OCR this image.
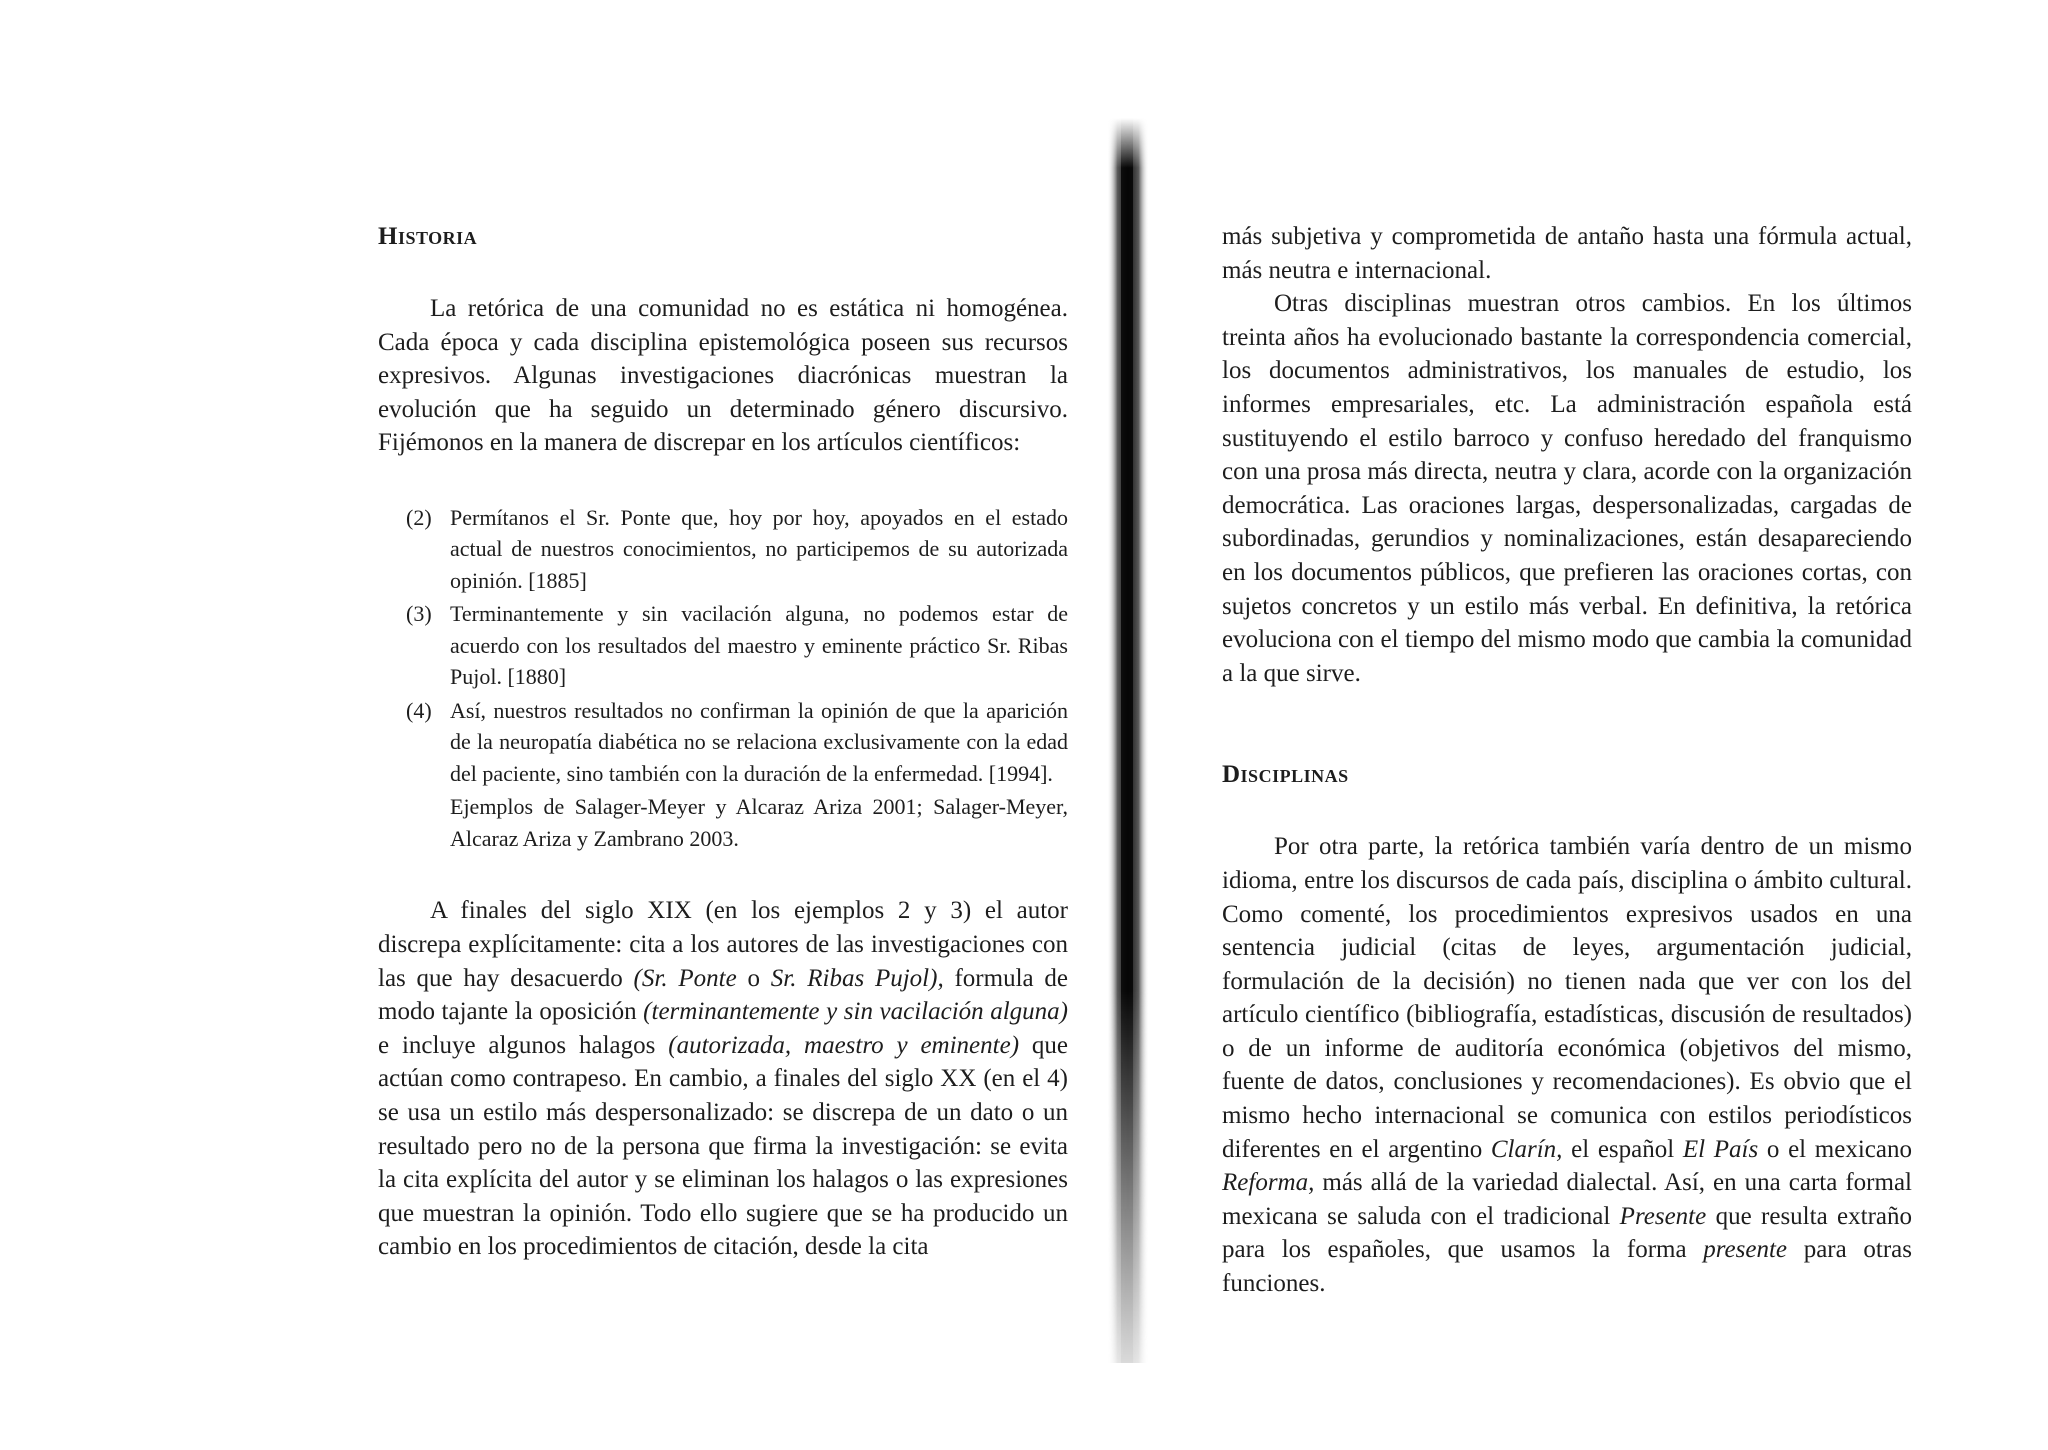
Historia

La retórica de una comunidad no es estática ni homogénea. Cada época y cada disciplina epistemológica poseen sus recursos expresivos. Algunas investigaciones diacrónicas muestran la evolución que ha seguido un determinado género discursivo. Fijémonos en la manera de discrepar en los artículos científicos:

(2) Permítanos el Sr. Ponte que, hoy por hoy, apoyados en el estado actual de nuestros conocimientos, no participemos de su autorizada opinión. [1885]
(3) Terminantemente y sin vacilación alguna, no podemos estar de acuerdo con los resultados del maestro y eminente práctico Sr. Ribas Pujol. [1880]
(4) Así, nuestros resultados no confirman la opinión de que la aparición de la neuropatía diabética no se relaciona exclusivamente con la edad del paciente, sino también con la duración de la enfermedad. [1994].
Ejemplos de Salager-Meyer y Alcaraz Ariza 2001; Salager-Meyer, Alcaraz Ariza y Zambrano 2003.

A finales del siglo XIX (en los ejemplos 2 y 3) el autor discrepa explícitamente: cita a los autores de las investigaciones con las que hay desacuerdo (Sr. Ponte o Sr. Ribas Pujol), formula de modo tajante la oposición (terminantemente y sin vacilación alguna) e incluye algunos halagos (autorizada, maestro y eminente) que actúan como contrapeso. En cambio, a finales del siglo XX (en el 4) se usa un estilo más despersonalizado: se discrepa de un dato o un resultado pero no de la persona que firma la investigación: se evita la cita explícita del autor y se eliminan los halagos o las expresiones que muestran la opinión. Todo ello sugiere que se ha producido un cambio en los procedimientos de citación, desde la cita

más subjetiva y comprometida de antaño hasta una fórmula actual, más neutra e internacional.

Otras disciplinas muestran otros cambios. En los últimos treinta años ha evolucionado bastante la correspondencia comercial, los documentos administrativos, los manuales de estudio, los informes empresariales, etc. La administración española está sustituyendo el estilo barroco y confuso heredado del franquismo con una prosa más directa, neutra y clara, acorde con la organización democrática. Las oraciones largas, despersonalizadas, cargadas de subordinadas, gerundios y nominalizaciones, están desapareciendo en los documentos públicos, que prefieren las oraciones cortas, con sujetos concretos y un estilo más verbal. En definitiva, la retórica evoluciona con el tiempo del mismo modo que cambia la comunidad a la que sirve.

Disciplinas

Por otra parte, la retórica también varía dentro de un mismo idioma, entre los discursos de cada país, disciplina o ámbito cultural. Como comenté, los procedimientos expresivos usados en una sentencia judicial (citas de leyes, argumentación judicial, formulación de la decisión) no tienen nada que ver con los del artículo científico (bibliografía, estadísticas, discusión de resultados) o de un informe de auditoría económica (objetivos del mismo, fuente de datos, conclusiones y recomendaciones). Es obvio que el mismo hecho internacional se comunica con estilos periodísticos diferentes en el argentino Clarín, el español El País o el mexicano Reforma, más allá de la variedad dialectal. Así, en una carta formal mexicana se saluda con el tradicional Presente que resulta extraño para los españoles, que usamos la forma presente para otras funciones.
